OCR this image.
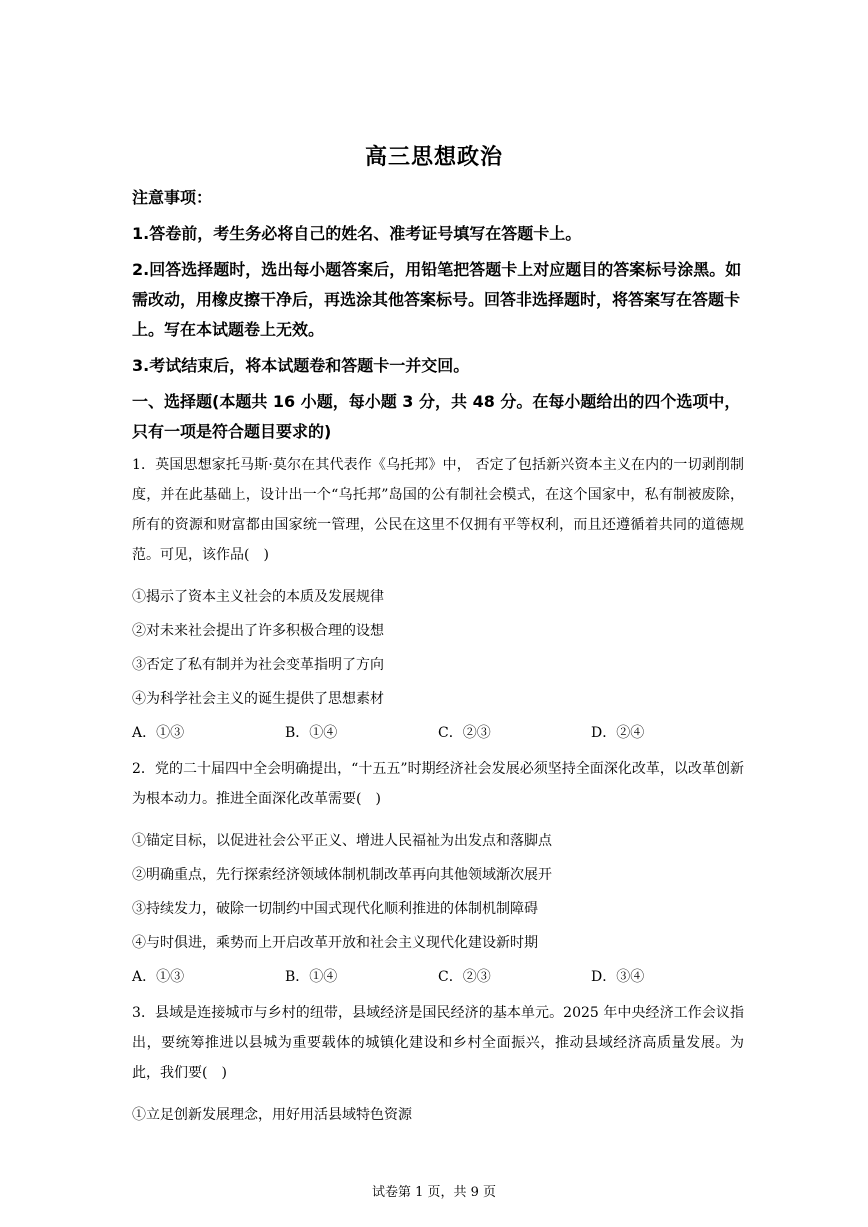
高三思想政治

注意事项：

1.答卷前，考生务必将自己的姓名、准考证号填写在答题卡上。

2.回答选择题时，选出每小题答案后，用铅笔把答题卡上对应题目的答案标号涂黑。如需改动，用橡皮擦干净后，再选涂其他答案标号。回答非选择题时，将答案写在答题卡上。写在本试题卷上无效。

3.考试结束后，将本试题卷和答题卡一并交回。

一、选择题(本题共 16 小题，每小题 3 分，共 48 分。在每小题给出的四个选项中，只有一项是符合题目要求的)

1．英国思想家托马斯·莫尔在其代表作《乌托邦》中， 否定了包括新兴资本主义在内的一切剥削制度，并在此基础上，设计出一个“乌托邦”岛国的公有制社会模式，在这个国家中，私有制被废除，所有的资源和财富都由国家统一管理，公民在这里不仅拥有平等权利，而且还遵循着共同的道德规范。可见，该作品(　)

①揭示了资本主义社会的本质及发展规律

②对未来社会提出了许多积极合理的设想

③否定了私有制并为社会变革指明了方向

④为科学社会主义的诞生提供了思想素材

A．①③	B．①④	C．②③	D．②④

2．党的二十届四中全会明确提出，“十五五”时期经济社会发展必须坚持全面深化改革，以改革创新为根本动力。推进全面深化改革需要(　)

①锚定目标，以促进社会公平正义、增进人民福祉为出发点和落脚点

②明确重点，先行探索经济领域体制机制改革再向其他领域渐次展开

③持续发力，破除一切制约中国式现代化顺利推进的体制机制障碍

④与时俱进，乘势而上开启改革开放和社会主义现代化建设新时期

A．①③	B．①④	C．②③	D．③④

3．县域是连接城市与乡村的纽带，县域经济是国民经济的基本单元。2025 年中央经济工作会议指出，要统筹推进以县城为重要载体的城镇化建设和乡村全面振兴，推动县域经济高质量发展。为此，我们要(　)

①立足创新发展理念，用好用活县域特色资源

试卷第 1 页，共 9 页
